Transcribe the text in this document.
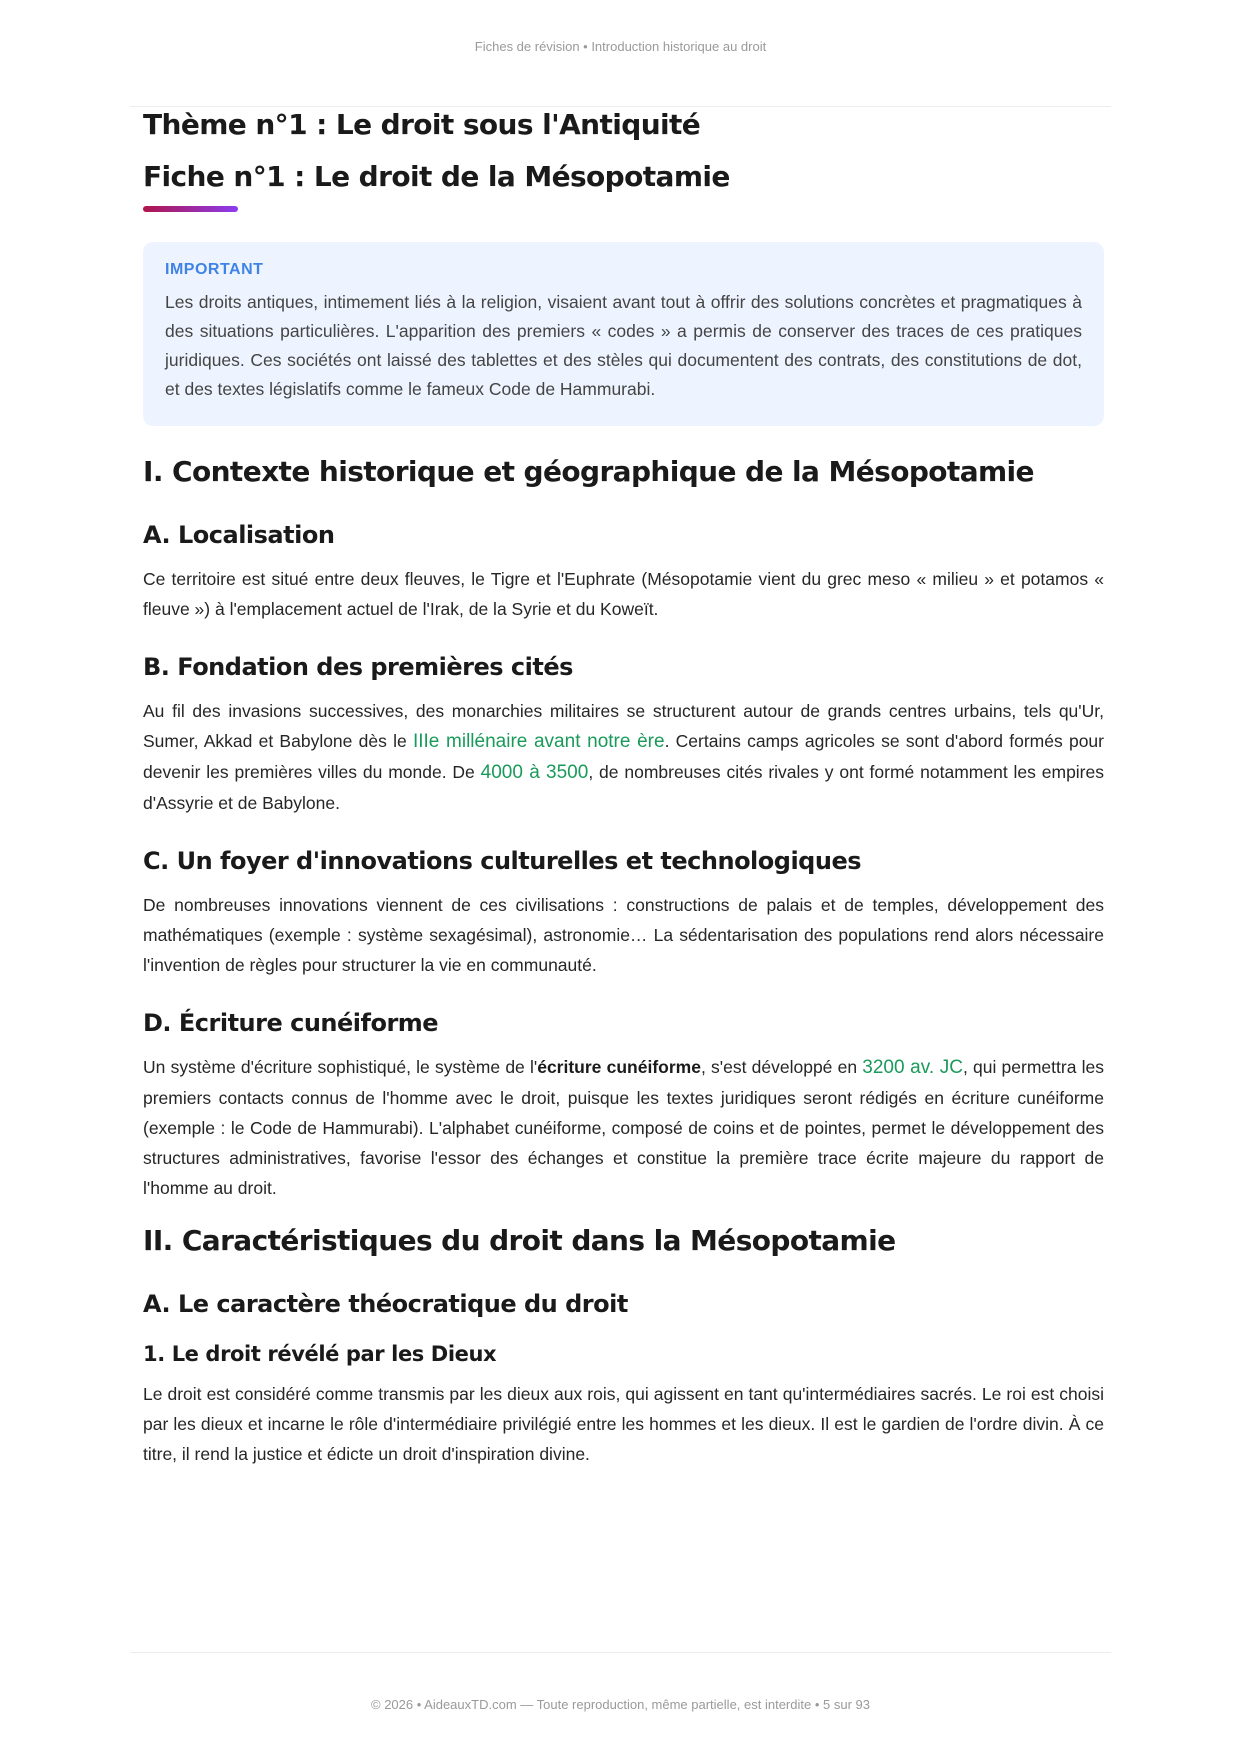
Fiches de révision • Introduction historique au droit
Thème n°1 : Le droit sous l'Antiquité
Fiche n°1 : Le droit de la Mésopotamie
IMPORTANT

Les droits antiques, intimement liés à la religion, visaient avant tout à offrir des solutions concrètes et pragmatiques à des situations particulières. L'apparition des premiers « codes » a permis de conserver des traces de ces pratiques juridiques. Ces sociétés ont laissé des tablettes et des stèles qui documentent des contrats, des constitutions de dot, et des textes législatifs comme le fameux Code de Hammurabi.

I. Contexte historique et géographique de la Mésopotamie
A. Localisation

Ce territoire est situé entre deux fleuves, le Tigre et l'Euphrate (Mésopotamie vient du grec meso « milieu » et potamos « fleuve ») à l'emplacement actuel de l'Irak, de la Syrie et du Koweït.

B. Fondation des premières cités

Au fil des invasions successives, des monarchies militaires se structurent autour de grands centres urbains, tels qu'Ur, Sumer, Akkad et Babylone dès le IIIe millénaire avant notre ère. Certains camps agricoles se sont d'abord formés pour devenir les premières villes du monde. De 4000 à 3500, de nombreuses cités rivales y ont formé notamment les empires d'Assyrie et de Babylone.

C. Un foyer d'innovations culturelles et technologiques

De nombreuses innovations viennent de ces civilisations : constructions de palais et de temples, développement des mathématiques (exemple : système sexagésimal), astronomie… La sédentarisation des populations rend alors nécessaire l'invention de règles pour structurer la vie en communauté.

D. Écriture cunéiforme

Un système d'écriture sophistiqué, le système de l'écriture cunéiforme, s'est développé en 3200 av. JC, qui permettra les premiers contacts connus de l'homme avec le droit, puisque les textes juridiques seront rédigés en écriture cunéiforme (exemple : le Code de Hammurabi). L'alphabet cunéiforme, composé de coins et de pointes, permet le développement des structures administratives, favorise l'essor des échanges et constitue la première trace écrite majeure du rapport de l'homme au droit.

II. Caractéristiques du droit dans la Mésopotamie
A. Le caractère théocratique du droit
1. Le droit révélé par les Dieux

Le droit est considéré comme transmis par les dieux aux rois, qui agissent en tant qu'intermédiaires sacrés. Le roi est choisi par les dieux et incarne le rôle d'intermédiaire privilégié entre les hommes et les dieux. Il est le gardien de l'ordre divin. À ce titre, il rend la justice et édicte un droit d'inspiration divine.

© 2026 • AideauxTD.com — Toute reproduction, même partielle, est interdite • 5 sur 93
